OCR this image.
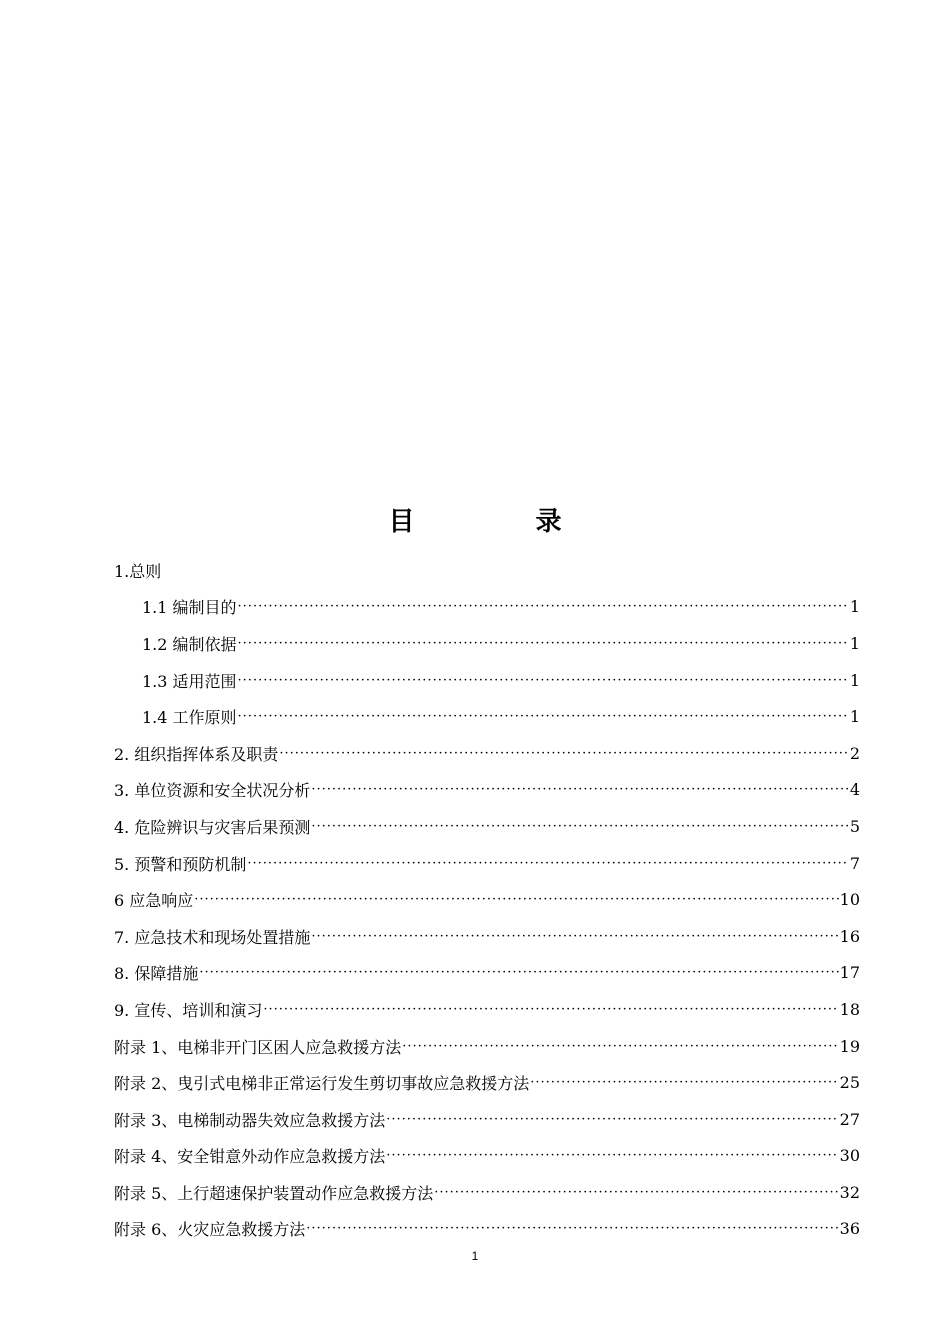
目 录
1.总则
1.1 编制目的 ·····	1
1.2 编制依据 ·····	1
1.3 适用范围 ·····	1
1.4 工作原则 ·····	1
2. 组织指挥体系及职责 ·····	2
3. 单位资源和安全状况分析 ·····	4
4. 危险辨识与灾害后果预测 ·····	5
5. 预警和预防机制 ·····	7
6 应急响应 ·····	10
7. 应急技术和现场处置措施 ·····	16
8. 保障措施 ·····	17
9. 宣传、培训和演习 ·····	18
附录 1、电梯非开门区困人应急救援方法 ·····	19
附录 2、曳引式电梯非正常运行发生剪切事故应急救援方法 ·····	25
附录 3、电梯制动器失效应急救援方法 ·····	27
附录 4、安全钳意外动作应急救援方法 ·····	30
附录 5、上行超速保护装置动作应急救援方法 ·····	32
附录 6、火灾应急救援方法 ·····	36
1
